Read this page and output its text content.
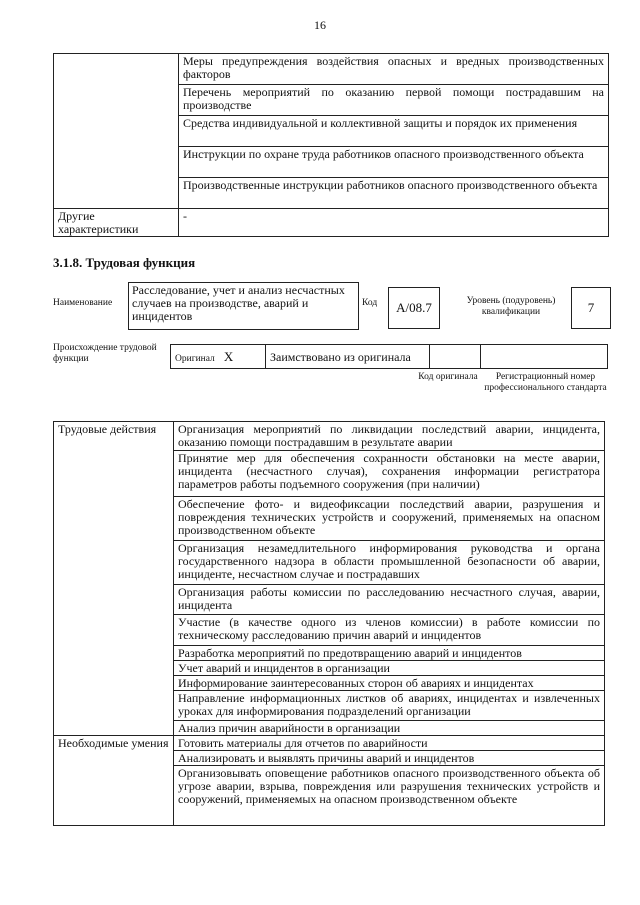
16
	Меры предупреждения воздействия опасных и вредных производственных факторов
	Перечень мероприятий по оказанию первой помощи пострадавшим на производстве
	Средства индивидуальной и коллективной защиты и порядок их применения
	Инструкции по охране труда работников опасного производственного объекта
	Производственные инструкции работников опасного производственного объекта
Другие характеристики	-
3.1.8. Трудовая функция
Наименование
Расследование, учет и анализ несчастных случаев на производстве, аварий и инцидентов
Код	А/08.7	Уровень (подуровень) квалификации	7
Происхождение трудовой функции	Оригинал X	Заимствовано из оригинала		
Код оригинала	Регистрационный номер профессионального стандарта
Трудовые действия	Организация мероприятий по ликвидации последствий аварии, инцидента, оказанию помощи пострадавшим в результате аварии
	Принятие мер для обеспечения сохранности обстановки на месте аварии, инцидента (несчастного случая), сохранения информации регистратора параметров работы подъемного сооружения (при наличии)
	Обеспечение фото- и видеофиксации последствий аварии, разрушения и повреждения технических устройств и сооружений, применяемых на опасном производственном объекте
	Организация незамедлительного информирования руководства и органа государственного надзора в области промышленной безопасности об аварии, инциденте, несчастном случае и пострадавших
	Организация работы комиссии по расследованию несчастного случая, аварии, инцидента
	Участие (в качестве одного из членов комиссии) в работе комиссии по техническому расследованию причин аварий и инцидентов
	Разработка мероприятий по предотвращению аварий и инцидентов
	Учет аварий и инцидентов в организации
	Информирование заинтересованных сторон об авариях и инцидентах
	Направление информационных листков об авариях, инцидентах и извлеченных уроках для информирования подразделений организации
	Анализ причин аварийности в организации
Необходимые умения	Готовить материалы для отчетов по аварийности
	Анализировать и выявлять причины аварий и инцидентов
	Организовывать оповещение работников опасного производственного объекта об угрозе аварии, взрыва, повреждения или разрушения технических устройств и сооружений, применяемых на опасном производственном объекте
